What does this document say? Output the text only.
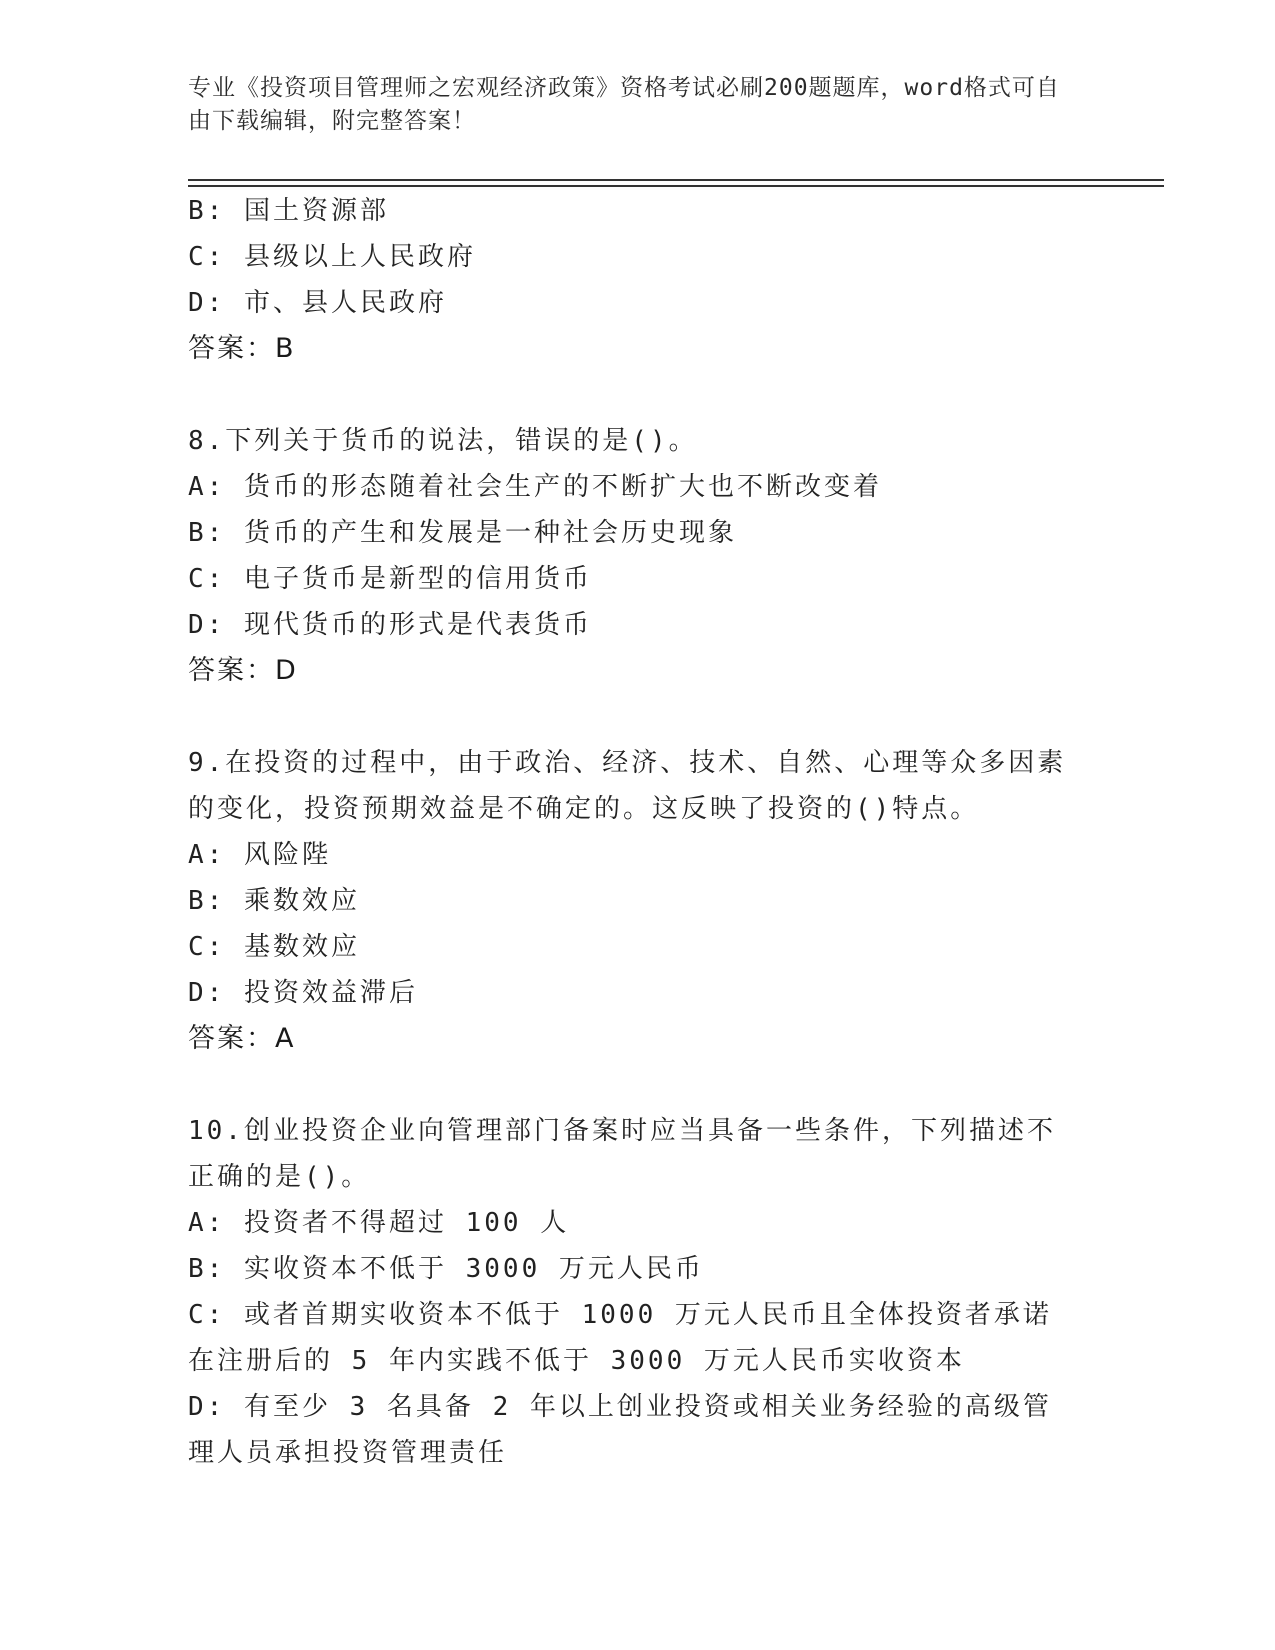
专业《投资项目管理师之宏观经济政策》资格考试必刷200题题库，word格式可自由下载编辑，附完整答案！
B: 国土资源部
C: 县级以上人民政府
D: 市、县人民政府
答案：B
8.下列关于货币的说法，错误的是()。
A: 货币的形态随着社会生产的不断扩大也不断改变着
B: 货币的产生和发展是一种社会历史现象
C: 电子货币是新型的信用货币
D: 现代货币的形式是代表货币
答案：D
9.在投资的过程中，由于政治、经济、技术、自然、心理等众多因素的变化，投资预期效益是不确定的。这反映了投资的()特点。
A: 风险陛
B: 乘数效应
C: 基数效应
D: 投资效益滞后
答案：A
10.创业投资企业向管理部门备案时应当具备一些条件，下列描述不正确的是()。
A: 投资者不得超过 100 人
B: 实收资本不低于 3000 万元人民币
C: 或者首期实收资本不低于 1000 万元人民币且全体投资者承诺在注册后的 5 年内实践不低于 3000 万元人民币实收资本
D: 有至少 3 名具备 2 年以上创业投资或相关业务经验的高级管理人员承担投资管理责任
